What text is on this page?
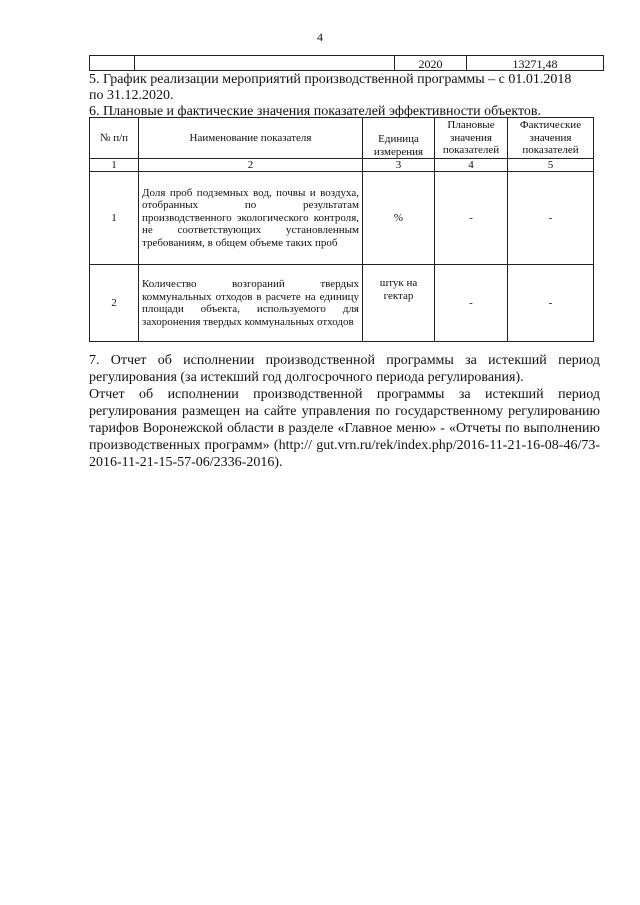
4
		2020	13271,48
5. График реализации мероприятий производственной программы – с 01.01.2018
по 31.12.2020.
6. Плановые и фактические значения показателей эффективности объектов.
№ п/п	Наименование показателя	Единица измерения	Плановые значения показателей	Фактические значения показателей
1	2	3	4	5
1	Доля проб подземных вод, почвы и воздуха, отобранных по результатам производственного экологического контроля, не соответствующих установленным требованиям, в общем объеме таких проб	%	-	-
2	Количество возгораний твердых коммунальных отходов в расчете на единицу площади объекта, используемого для захоронения твердых коммунальных отходов	штук на гектар	-	-
7. Отчет об исполнении производственной программы за истекший период регулирования (за истекший год долгосрочного периода регулирования).
Отчет об исполнении производственной программы за истекший период регулирования размещен на сайте управления по государственному регулированию тарифов Воронежской области в разделе «Главное меню» - «Отчеты по выполнению производственных программ» (http:// gut.vrn.ru/rek/index.php/2016-11-21-16-08-46/73-2016-11-21-15-57-06/2336-2016).
